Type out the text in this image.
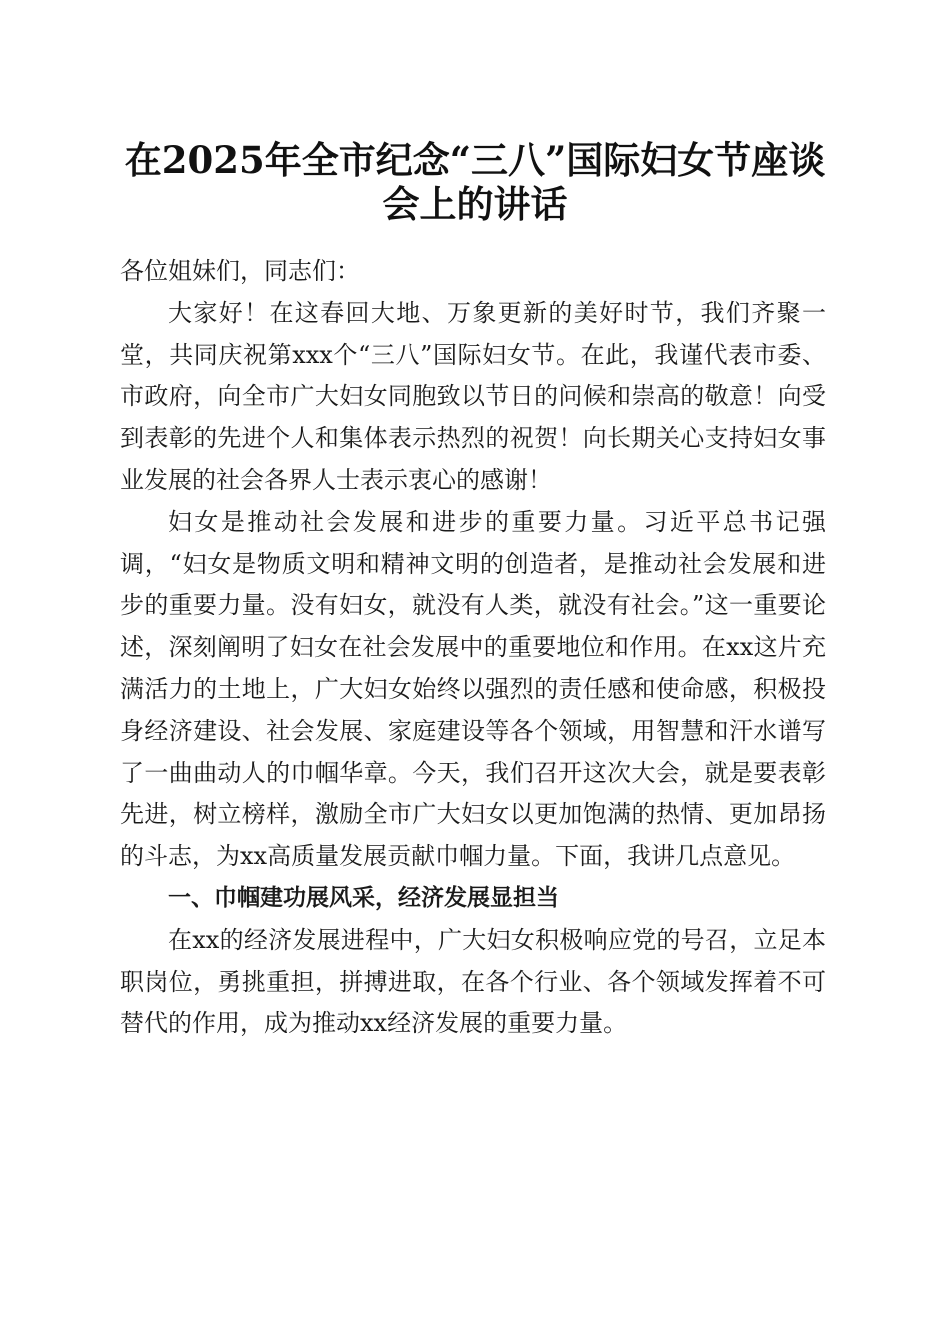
在2025年全市纪念“三八”国际妇女节座谈会上的讲话

各位姐妹们，同志们：

大家好！在这春回大地、万象更新的美好时节，我们齐聚一堂，共同庆祝第xxx个“三八”国际妇女节。在此，我谨代表市委、市政府，向全市广大妇女同胞致以节日的问候和崇高的敬意！向受到表彰的先进个人和集体表示热烈的祝贺！向长期关心支持妇女事业发展的社会各界人士表示衷心的感谢！

妇女是推动社会发展和进步的重要力量。习近平总书记强调，“妇女是物质文明和精神文明的创造者，是推动社会发展和进步的重要力量。没有妇女，就没有人类，就没有社会。”这一重要论述，深刻阐明了妇女在社会发展中的重要地位和作用。在xx这片充满活力的土地上，广大妇女始终以强烈的责任感和使命感，积极投身经济建设、社会发展、家庭建设等各个领域，用智慧和汗水谱写了一曲曲动人的巾帼华章。今天，我们召开这次大会，就是要表彰先进，树立榜样，激励全市广大妇女以更加饱满的热情、更加昂扬的斗志，为xx高质量发展贡献巾帼力量。下面，我讲几点意见。

一、巾帼建功展风采，经济发展显担当

在xx的经济发展进程中，广大妇女积极响应党的号召，立足本职岗位，勇挑重担，拼搏进取，在各个行业、各个领域发挥着不可替代的作用，成为推动xx经济发展的重要力量。
